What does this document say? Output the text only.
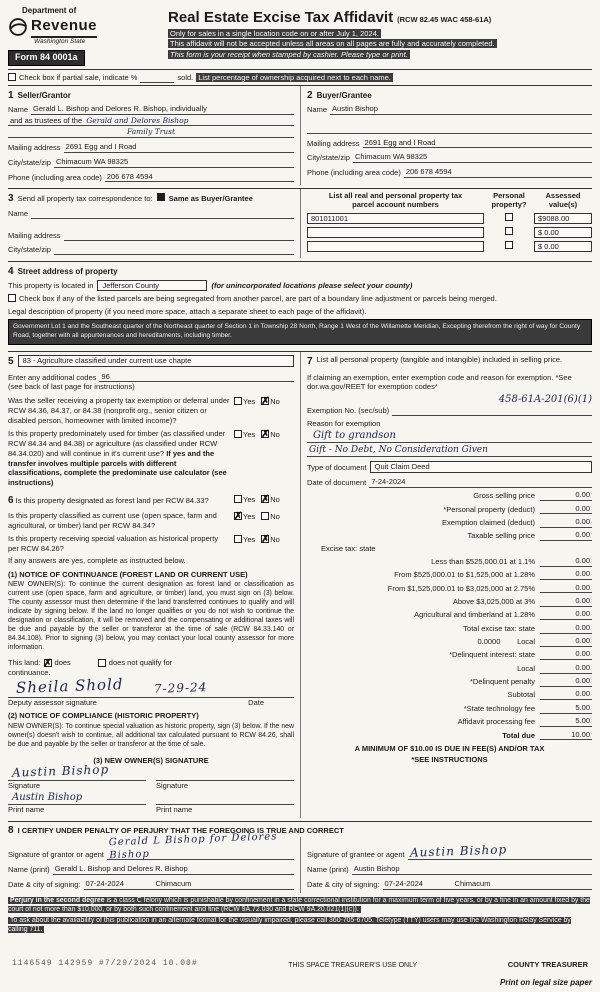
Department of
Revenue
Washington State
Form 84 0001a
Real Estate Excise Tax Affidavit (RCW 82.45 WAC 458-61A)
Only for sales in a single location code on or after July 1, 2024.
This affidavit will not be accepted unless all areas on all pages are fully and accurately completed.
This form is your receipt when stamped by cashier. Please type or print.
Check box if partial sale, indicate %
	sold. List percentage of ownership acquired next to each name.
1 Seller/Grantor
Name Gerald L. Bishop and Delores R. Bishop, individually
and as trustees of the Gerald and Delores Bishop
Family Trust
Mailing address 2691 Egg and I Road
City/state/zip Chimacum WA 98325
Phone (including area code) 206 678 4594
2 Buyer/Grantee
Name Austin Bishop
Mailing address 2691 Egg and I Road
City/state/zip Chimacum WA 98325
Phone (including area code) 206 678 4594
3 Send all property tax correspondence to: Same as Buyer/Grantee
Name
Mailing address
City/state/zip
List all real and personal property tax
parcel account numbers
Personal
property?
Assessed
value(s)
801011001	$9088.00
$ 0.00
$ 0.00
4 Street address of property
This property is located in	Jefferson County	(for unincorporated locations please select your county)
Check box if any of the listed parcels are being segregated from another parcel, are part of a boundary line adjustment or parcels being merged.
Legal description of property (if you need more space, attach a separate sheet to each page of the affidavit).
Government Lot 1 and the Southeast quarter of the Northeast quarter of Section 1 in Township 28 North, Range 1 West of the Willamette Meridian, Excepting therefrom the right of way for County Road, together with all appurtenances and hereditaments, including timber.
5	83 - Agriculture classified under current use chapte
Enter any additional codes 96
(see back of last page for instructions)
Was the seller receiving a property tax exemption or deferral under RCW 84.36, 84.37, or 84.38 (nonprofit org., senior citizen or disabled person, homeowner with limited income)?
Yes ✗ No
Is this property predominately used for timber (as classified under RCW 84.34 and 84.38) or agriculture (as classified under RCW 84.34.020) and will continue in it's current use? If yes and the transfer involves multiple parcels with different classifications, complete the predominate use calculator (see instructions)
Yes ✗ No
6 Is this property designated as forest land per RCW 84.33?	Yes ✗ No
Is this property classified as current use (open space, farm and agricultural, or timber) land per RCW 84.34?
✗
Yes No
Is this property receiving special valuation as historical property per RCW 84.26?
Yes ✗ No
If any answers are yes, complete as instructed below.
(1) NOTICE OF CONTINUANCE (FOREST LAND OR CURRENT USE)
NEW OWNER(S): To continue the current designation as forest land or classification as current use (open space, farm and agriculture, or timber) land, you must sign on (3) below. The county assessor must then determine if the land transferred continues to qualify and will indicate by signing below. If the land no longer qualifies or you do not wish to continue the designation or classification, it will be removed and the compensating or additional taxes will be due and payable by the seller or transferor at the time of sale (RCW 84.33.140 or 84.34.108). Prior to signing (3) below, you may contact your local county assessor for more information.
This land: ✗ does	does not qualify for
continuance.
Sheila Shold 7-29-24
Deputy assessor signature	Date
(2) NOTICE OF COMPLIANCE (HISTORIC PROPERTY)
NEW OWNER(S): To continue special valuation as historic property, sign (3) below. If the new owner(s) doesn't wish to continue, all additional tax calculated pursuant to RCW 84.26, shall be due and payable by the seller or transferor at the time of sale.
(3) NEW OWNER(S) SIGNATURE
Austin Bishop
Signature	Signature
Austin Bishop
Print name	Print name
7 List all personal property (tangible and intangible) included in selling price.
If claiming an exemption, enter exemption code and reason for exemption. *See dor.wa.gov/REET for exemption codes*
458-61A-201(6)(1)
Exemption No. (sec/sub)
Reason for exemption
Gift to grandson
Gift - No Debt, No Consideration Given
Type of document	Quit Claim Deed
Date of document 7-24-2024
Gross selling price	0.00
*Personal property (deduct)	0.00
Exemption claimed (deduct)	0.00
Taxable selling price	0.00
Excise tax: state
Less than $525,000.01 at 1.1%	0.00
From $525,000.01 to $1,525,000 at 1.28%	0.00
From $1,525,000.01 to $3,025,000 at 2.75%	0.00
Above $3,025,000 at 3%	0.00
Agricultural and timberland at 1.28%	0.00
Total excise tax: state	0.00
0.0000        Local	0.00
*Delinquent interest: state	0.00
Local	0.00
*Delinquent penalty	0.00
Subtotal	0.00
*State technology fee	5.00
Affidavit processing fee	5.00
Total due	10.00
A MINIMUM OF $10.00 IS DUE IN FEE(S) AND/OR TAX
*SEE INSTRUCTIONS
8 I CERTIFY UNDER PENALTY OF PERJURY THAT THE FOREGOING IS TRUE AND CORRECT
Signature of grantor or agent
Gerald L Bishop for Delores Bishop
Name (print) Gerald L. Bishop and Delores R. Bishop
Date & city of signing: 07-24-2024	Chimacum
Signature of grantee or agent Austin Bishop
Name (print) Austin Bishop
Date & city of signing: 07-24-2024	Chimacum
Perjury in the second degree is a class C felony which is punishable by confinement in a state correctional institution for a maximum term of five years, or by a fine in an amount fixed by the court of not more than $10,000, or by both such confinement and fine (RCW 9A.72.030 and RCW 9A.20.021(1)(c)).
To ask about the availability of this publication in an alternate format for the visually impaired, please call 360-705-6705. Teletype (TTY) users may use the Washington Relay Service by calling 711.
1146549 142959 #7/29/2024 10.00#	THIS SPACE TREASURER'S USE ONLY	COUNTY TREASURER
Print on legal size paper
